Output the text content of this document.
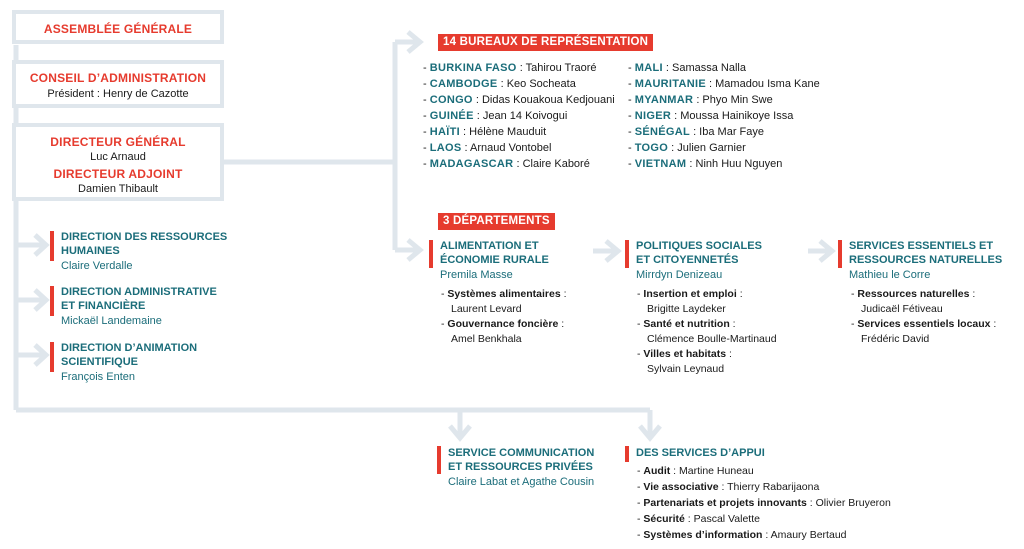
ASSEMBLÉE GÉNÉRALE
CONSEIL D’ADMINISTRATION
Président : Henry de Cazotte
DIRECTEUR GÉNÉRAL
Luc Arnaud
DIRECTEUR ADJOINT
Damien Thibault
DIRECTION DES RESSOURCES
HUMAINES
Claire Verdalle
DIRECTION ADMINISTRATIVE
ET FINANCIÈRE
Mickaël Landemaine
DIRECTION D’ANIMATION
SCIENTIFIQUE
François Enten
14 BUREAUX DE REPRÉSENTATION
- BURKINA FASO : Tahirou Traoré
- CAMBODGE : Keo Socheata
- CONGO : Didas Kouakoua Kedjouani
- GUINÉE : Jean 14 Koivogui
- HAÏTI : Hélène Mauduit
- LAOS : Arnaud Vontobel
- MADAGASCAR : Claire Kaboré
- MALI : Samassa Nalla
- MAURITANIE : Mamadou Isma Kane
- MYANMAR : Phyo Min Swe
- NIGER : Moussa Hainikoye Issa
- SÉNÉGAL : Iba Mar Faye
- TOGO : Julien Garnier
- VIETNAM : Ninh Huu Nguyen
3 DÉPARTEMENTS
ALIMENTATION ET
ÉCONOMIE RURALE
Premila Masse
- Systèmes alimentaires :
Laurent Levard
- Gouvernance foncière :
Amel Benkhala
POLITIQUES SOCIALES
ET CITOYENNETÉS
Mirrdyn Denizeau
- Insertion et emploi :
Brigitte Laydeker
- Santé et nutrition :
Clémence Boulle-Martinaud
- Villes et habitats :
Sylvain Leynaud
SERVICES ESSENTIELS ET
RESSOURCES NATURELLES
Mathieu le Corre
- Ressources naturelles :
Judicaël Fétiveau
- Services essentiels locaux :
Frédéric David
SERVICE COMMUNICATION
ET RESSOURCES PRIVÉES
Claire Labat et Agathe Cousin
DES SERVICES D’APPUI
- Audit : Martine Huneau
- Vie associative : Thierry Rabarijaona
- Partenariats et projets innovants : Olivier Bruyeron
- Sécurité : Pascal Valette
- Systèmes d’information : Amaury Bertaud
